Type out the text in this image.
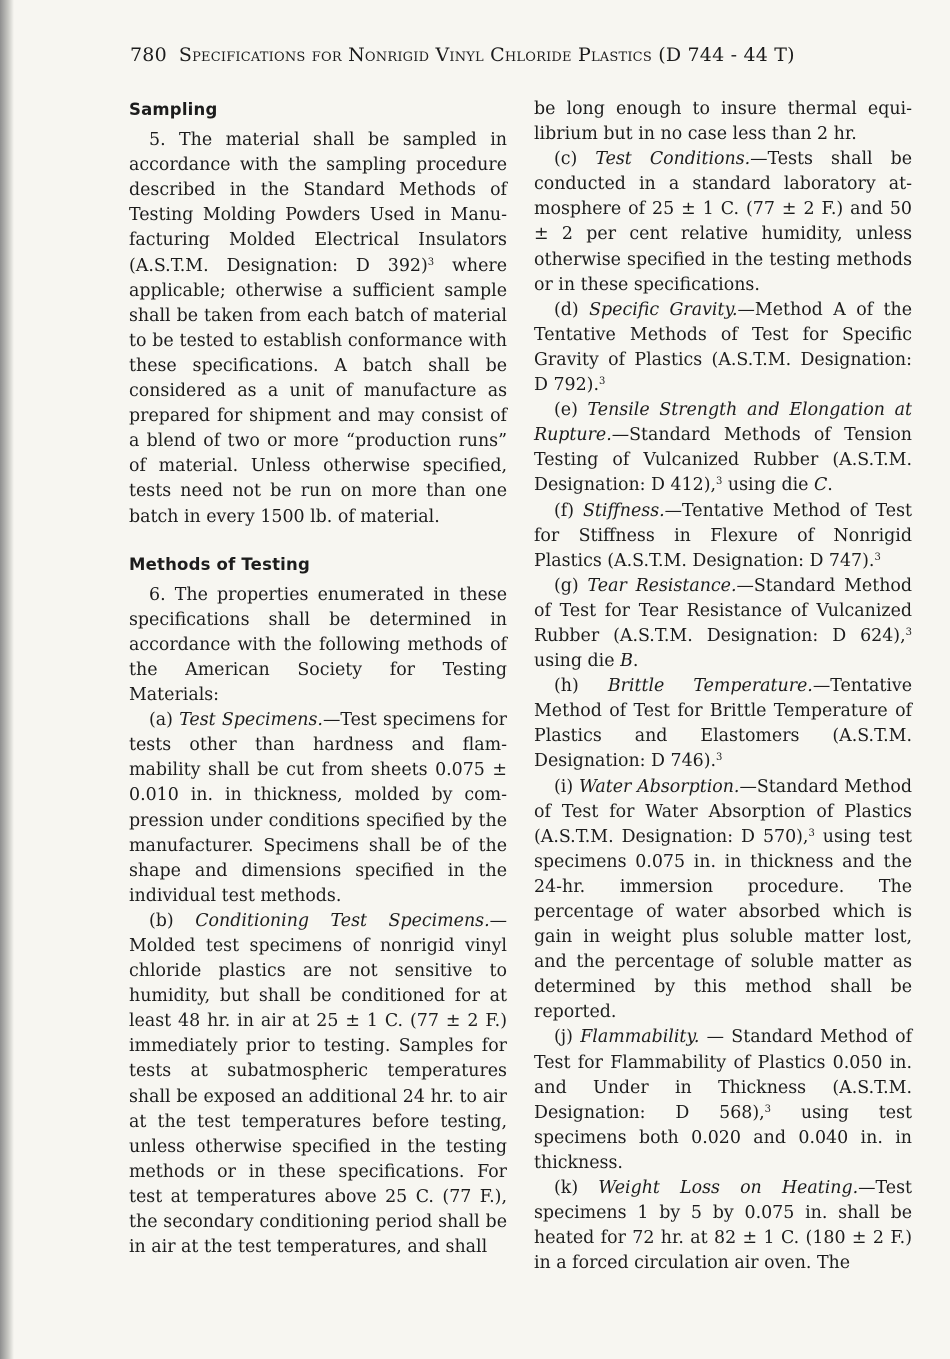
780 Specifications for Nonrigid Vinyl Chloride Plastics (D 744 - 44 T)
Sampling

5. The material shall be sampled in accordance with the sampling procedure described in the Standard Methods of Testing Molding Powders Used in Manufacturing Molded Electrical Insulators (A.S.T.M. Designation: D 392)$^3$ where applicable; otherwise a sufficient sample shall be taken from each batch of material to be tested to establish conformance with these specifications. A batch shall be considered as a unit of manufacture as prepared for shipment and may consist of a blend of two or more “production runs” of material. Unless otherwise specified, tests need not be run on more than one batch in every 1500 lb. of material.

Methods of Testing

6. The properties enumerated in these specifications shall be determined in accordance with the following methods of the American Society for Testing Materials:

(a) Test Specimens.—Test specimens for tests other than hardness and flammability shall be cut from sheets 0.075 ± 0.010 in. in thickness, molded by compression under conditions specified by the manufacturer. Specimens shall be of the shape and dimensions specified in the individual test methods.

(b) Conditioning Test Specimens.—Molded test specimens of nonrigid vinyl chloride plastics are not sensitive to humidity, but shall be conditioned for at least 48 hr. in air at 25 ± 1 C. (77 ± 2 F.) immediately prior to testing. Samples for tests at subatmospheric temperatures shall be exposed an additional 24 hr. to air at the test temperatures before testing, unless otherwise specified in the testing methods or in these specifications. For test at temperatures above 25 C. (77 F.), the secondary conditioning period shall be in air at the test temperatures, and shall

be long enough to insure thermal equilibrium but in no case less than 2 hr.

(c) Test Conditions.—Tests shall be conducted in a standard laboratory atmosphere of 25 ± 1 C. (77 ± 2 F.) and 50 ± 2 per cent relative humidity, unless otherwise specified in the testing methods or in these specifications.

(d) Specific Gravity.—Method A of the Tentative Methods of Test for Specific Gravity of Plastics (A.S.T.M. Designation: D 792).$^3$

(e) Tensile Strength and Elongation at Rupture.—Standard Methods of Tension Testing of Vulcanized Rubber (A.S.T.M. Designation: D 412),$^3$ using die C.

(f) Stiffness.—Tentative Method of Test for Stiffness in Flexure of Nonrigid Plastics (A.S.T.M. Designation: D 747).$^3$

(g) Tear Resistance.—Standard Method of Test for Tear Resistance of Vulcanized Rubber (A.S.T.M. Designation: D 624),$^3$ using die B.

(h) Brittle Temperature.—Tentative Method of Test for Brittle Temperature of Plastics and Elastomers (A.S.T.M. Designation: D 746).$^3$

(i) Water Absorption.—Standard Method of Test for Water Absorption of Plastics (A.S.T.M. Designation: D 570),$^3$ using test specimens 0.075 in. in thickness and the 24-hr. immersion procedure. The percentage of water absorbed which is gain in weight plus soluble matter lost, and the percentage of soluble matter as determined by this method shall be reported.

(j) Flammability. — Standard Method of Test for Flammability of Plastics 0.050 in. and Under in Thickness (A.S.T.M. Designation: D 568),$^3$ using test specimens both 0.020 and 0.040 in. in thickness.

(k) Weight Loss on Heating.—Test specimens 1 by 5 by 0.075 in. shall be heated for 72 hr. at 82 ± 1 C. (180 ± 2 F.) in a forced circulation air oven. The
